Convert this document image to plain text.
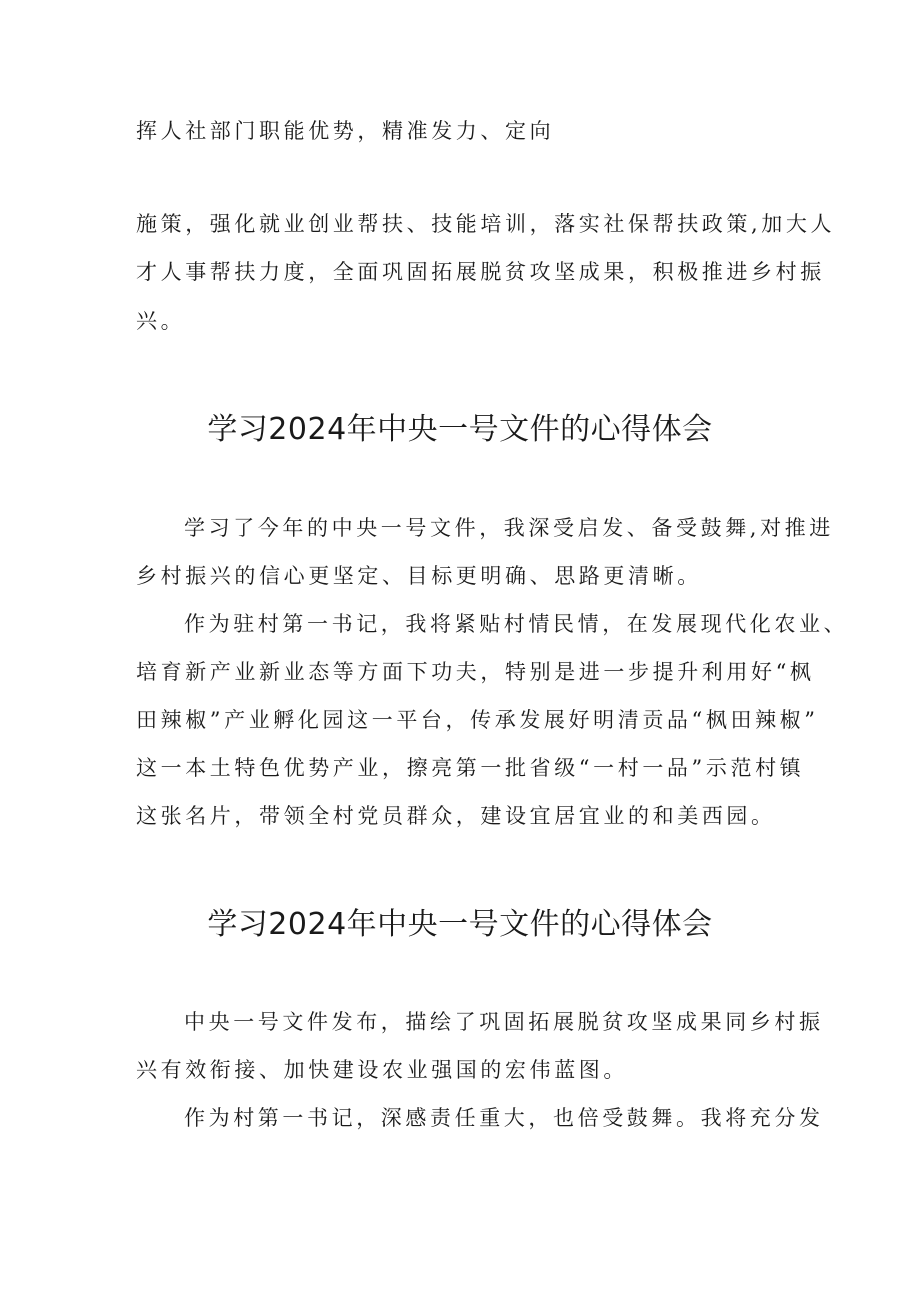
挥人社部门职能优势，精准发力、定向
施策，强化就业创业帮扶、技能培训，落实社保帮扶政策,加大人
才人事帮扶力度，全面巩固拓展脱贫攻坚成果，积极推进乡村振
兴。
学习2024年中央一号文件的心得体会
学习了今年的中央一号文件，我深受启发、备受鼓舞,对推进
乡村振兴的信心更坚定、目标更明确、思路更清晰。
作为驻村第一书记，我将紧贴村情民情，在发展现代化农业、
培育新产业新业态等方面下功夫，特别是进一步提升利用好“枫
田辣椒”产业孵化园这一平台，传承发展好明清贡品“枫田辣椒”
这一本土特色优势产业，擦亮第一批省级“一村一品”示范村镇
这张名片，带领全村党员群众，建设宜居宜业的和美西园。
学习2024年中央一号文件的心得体会
中央一号文件发布，描绘了巩固拓展脱贫攻坚成果同乡村振
兴有效衔接、加快建设农业强国的宏伟蓝图。
作为村第一书记，深感责任重大，也倍受鼓舞。我将充分发
